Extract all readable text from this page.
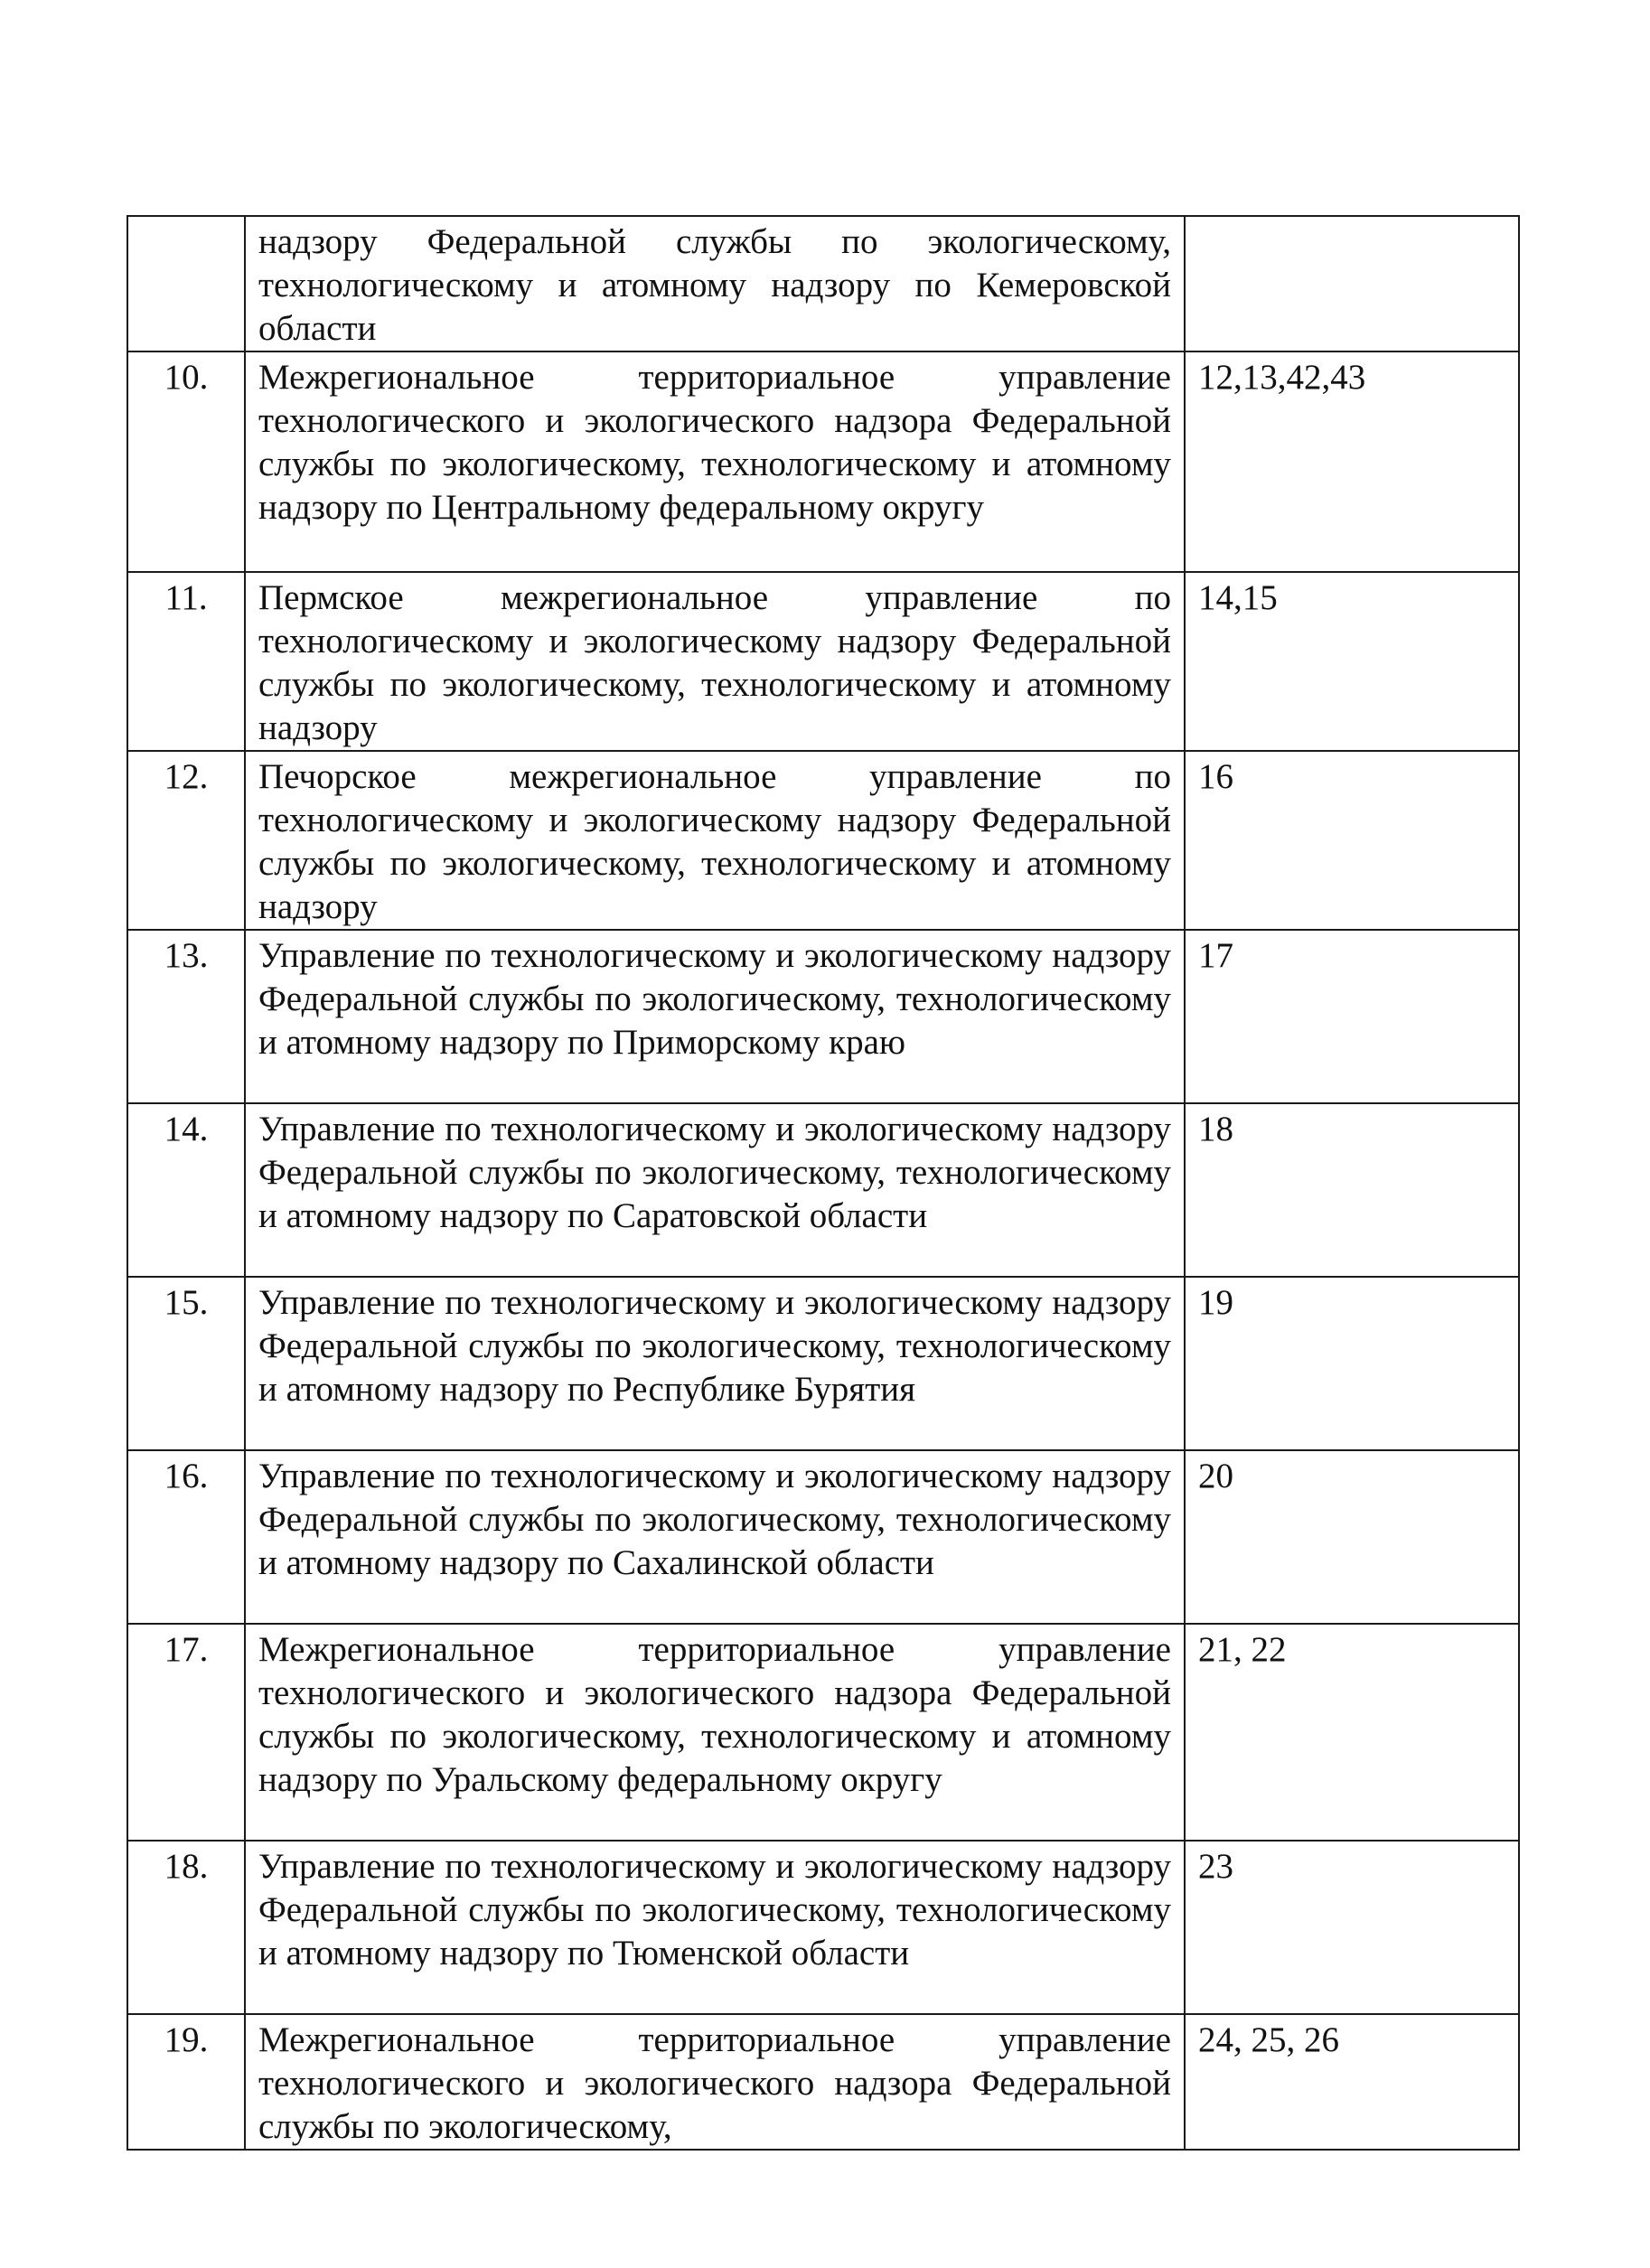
	надзору Федеральной службы по экологическому, технологическому и атомному надзору по Кемеровской области	
10.	Межрегиональное территориальное управление технологического и экологического надзора Федеральной службы по экологическому, технологическому и атомному надзору по Центральному федеральному округу	12,13,42,43
11.	Пермское межрегиональное управление по технологическому и экологическому надзору Федеральной службы по экологическому, технологическому и атомному надзору	14,15
12.	Печорское межрегиональное управление по технологическому и экологическому надзору Федеральной службы по экологическому, технологическому и атомному надзору	16
13.	Управление по технологическому и экологическому надзору Федеральной службы по экологическому, технологическому и атомному надзору по Приморскому краю	17
14.	Управление по технологическому и экологическому надзору Федеральной службы по экологическому, технологическому и атомному надзору по Саратовской области	18
15.	Управление по технологическому и экологическому надзору Федеральной службы по экологическому, технологическому и атомному надзору по Республике Бурятия	19
16.	Управление по технологическому и экологическому надзору Федеральной службы по экологическому, технологическому и атомному надзору по Сахалинской области	20
17.	Межрегиональное территориальное управление технологического и экологического надзора Федеральной службы по экологическому, технологическому и атомному надзору по Уральскому федеральному округу	21, 22
18.	Управление по технологическому и экологическому надзору Федеральной службы по экологическому, технологическому и атомному надзору по Тюменской области	23
19.	Межрегиональное территориальное управление технологического и экологического надзора Федеральной службы по экологическому,	24, 25, 26
